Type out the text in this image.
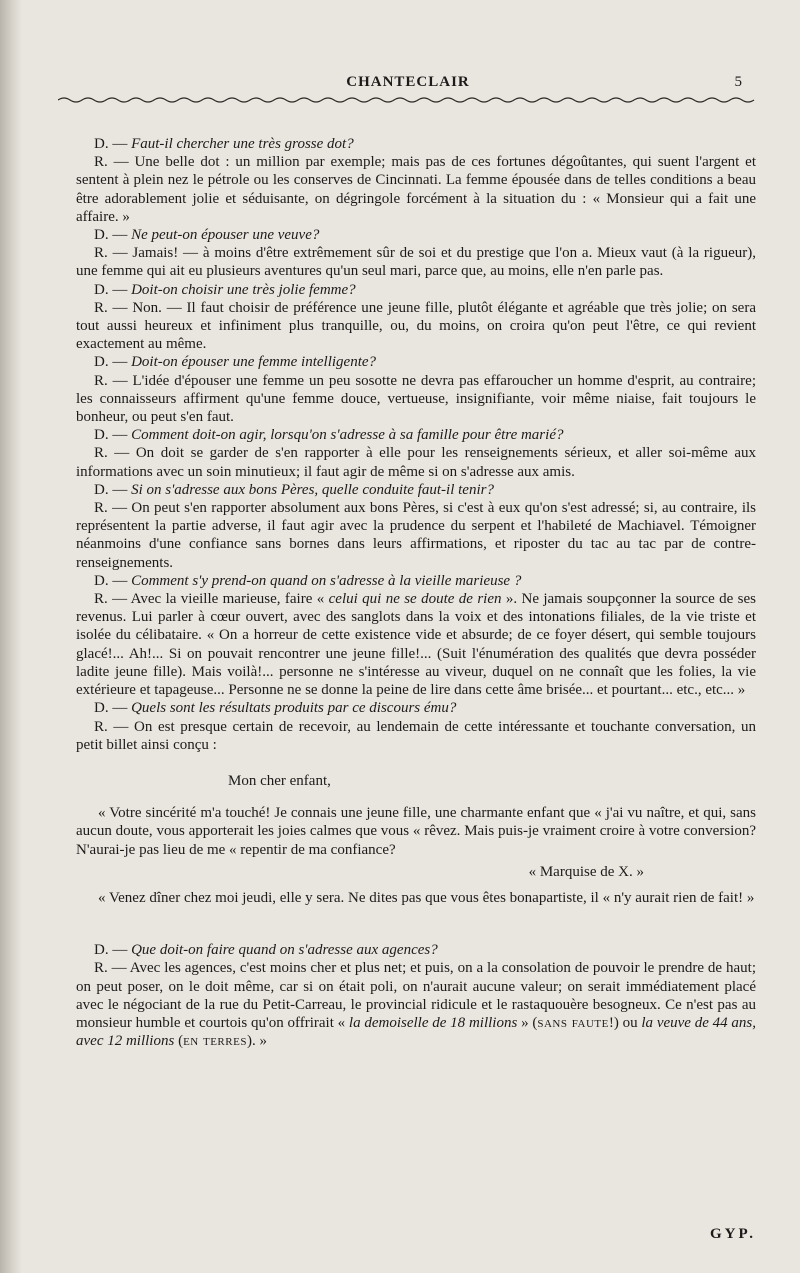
CHANTECLAIR	5

D. — Faut-il chercher une très grosse dot?

R. — Une belle dot : un million par exemple; mais pas de ces fortunes dégoûtantes, qui suent l'argent et sentent à plein nez le pétrole ou les conserves de Cincinnati. La femme épousée dans de telles conditions a beau être adorablement jolie et séduisante, on dégringole forcément à la situation du : « Monsieur qui a fait une affaire. »

D. — Ne peut-on épouser une veuve?

R. — Jamais! — à moins d'être extrêmement sûr de soi et du prestige que l'on a. Mieux vaut (à la rigueur), une femme qui ait eu plusieurs aventures qu'un seul mari, parce que, au moins, elle n'en parle pas.

D. — Doit-on choisir une très jolie femme?

R. — Non. — Il faut choisir de préférence une jeune fille, plutôt élégante et agréable que très jolie; on sera tout aussi heureux et infiniment plus tranquille, ou, du moins, on croira qu'on peut l'être, ce qui revient exactement au même.

D. — Doit-on épouser une femme intelligente?

R. — L'idée d'épouser une femme un peu sosotte ne devra pas effaroucher un homme d'esprit, au contraire; les connaisseurs affirment qu'une femme douce, vertueuse, insignifiante, voir même niaise, fait toujours le bonheur, ou peut s'en faut.

D. — Comment doit-on agir, lorsqu'on s'adresse à sa famille pour être marié?

R. — On doit se garder de s'en rapporter à elle pour les renseignements sérieux, et aller soi-même aux informations avec un soin minutieux; il faut agir de même si on s'adresse aux amis.

D. — Si on s'adresse aux bons Pères, quelle conduite faut-il tenir?

R. — On peut s'en rapporter absolument aux bons Pères, si c'est à eux qu'on s'est adressé; si, au contraire, ils représentent la partie adverse, il faut agir avec la prudence du serpent et l'habileté de Machiavel. Témoigner néanmoins d'une confiance sans bornes dans leurs affirmations, et riposter du tac au tac par de contre-renseignements.

D. — Comment s'y prend-on quand on s'adresse à la vieille marieuse ?

R. — Avec la vieille marieuse, faire « celui qui ne se doute de rien ». Ne jamais soupçonner la source de ses revenus. Lui parler à cœur ouvert, avec des sanglots dans la voix et des intonations filiales, de la vie triste et isolée du célibataire. « On a horreur de cette existence vide et absurde; de ce foyer désert, qui semble toujours glacé!... Ah!... Si on pouvait rencontrer une jeune fille!... (Suit l'énumération des qualités que devra posséder ladite jeune fille). Mais voilà!... personne ne s'intéresse au viveur, duquel on ne connaît que les folies, la vie extérieure et tapageuse... Personne ne se donne la peine de lire dans cette âme brisée... et pourtant... etc., etc... »

D. — Quels sont les résultats produits par ce discours ému?

R. — On est presque certain de recevoir, au lendemain de cette intéressante et touchante conversation, un petit billet ainsi conçu :

Mon cher enfant,

« Votre sincérité m'a touché! Je connais une jeune fille, une charmante enfant que « j'ai vu naître, et qui, sans aucun doute, vous apporterait les joies calmes que vous « rêvez. Mais puis-je vraiment croire à votre conversion? N'aurai-je pas lieu de me « repentir de ma confiance?

« Marquise de X. »

« Venez dîner chez moi jeudi, elle y sera. Ne dites pas que vous êtes bonapartiste, il « n'y aurait rien de fait! »

D. — Que doit-on faire quand on s'adresse aux agences?

R. — Avec les agences, c'est moins cher et plus net; et puis, on a la consolation de pouvoir le prendre de haut; on peut poser, on le doit même, car si on était poli, on n'aurait aucune valeur; on serait immédiatement placé avec le négociant de la rue du Petit-Carreau, le provincial ridicule et le rastaquouère besogneux. Ce n'est pas au monsieur humble et courtois qu'on offrirait « la demoiselle de 18 millions » (sans faute!) ou la veuve de 44 ans, avec 12 millions (en terres). »

GYP.
